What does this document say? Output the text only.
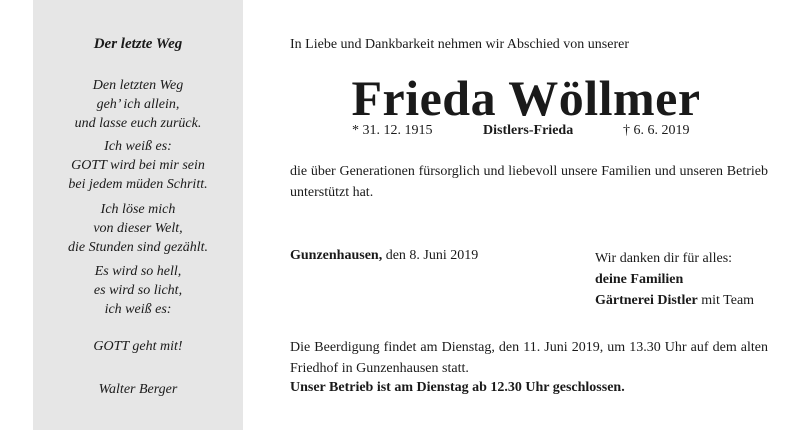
Der letzte Weg
Den letzten Weg
geh’ ich allein,
und lasse euch zurück.
Ich weiß es:
GOTT wird bei mir sein
bei jedem müden Schritt.
Ich löse mich
von dieser Welt,
die Stunden sind gezählt.
Es wird so hell,
es wird so licht,
ich weiß es:
GOTT geht mit!
Walter Berger
In Liebe und Dankbarkeit nehmen wir Abschied von unserer
Frieda Wöllmer
* 31. 12. 1915	Distlers-Frieda	† 6. 6. 2019
die über Generationen fürsorglich und liebevoll unsere Familien und unseren Betrieb unterstützt hat.
Gunzenhausen, den 8. Juni 2019	Wir danken dir für alles:
deine Familien
Gärtnerei Distler mit Team
Die Beerdigung findet am Dienstag, den 11. Juni 2019, um 13.30 Uhr auf dem alten Friedhof in Gunzenhausen statt.
Unser Betrieb ist am Dienstag ab 12.30 Uhr geschlossen.
